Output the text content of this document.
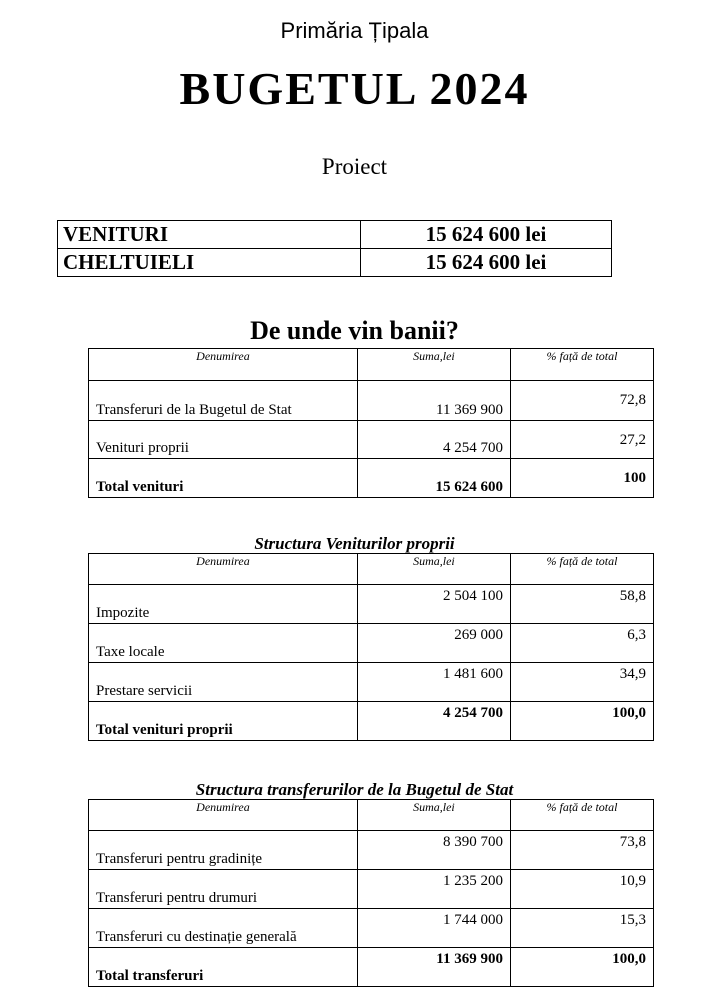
Primăria Țipala
BUGETUL 2024
Proiect
VENITURI	15 624 600 lei
CHELTUIELI	15 624 600 lei
De unde vin banii?
Denumirea	Suma,lei	% față de total
Transferuri de la Bugetul de Stat	11 369 900	72,8
Venituri proprii	4 254 700	27,2
Total venituri	15 624 600	100
Structura Veniturilor proprii
Denumirea	Suma,lei	% față de total
Impozite	2 504 100	58,8
Taxe locale	269 000	6,3
Prestare servicii	1 481 600	34,9
Total venituri proprii	4 254 700	100,0
Structura transferurilor de la Bugetul de Stat
Denumirea	Suma,lei	% față de total
Transferuri pentru gradinițe	8 390 700	73,8
Transferuri pentru drumuri	1 235 200	10,9
Transferuri cu destinație generală	1 744 000	15,3
Total transferuri	11 369 900	100,0
